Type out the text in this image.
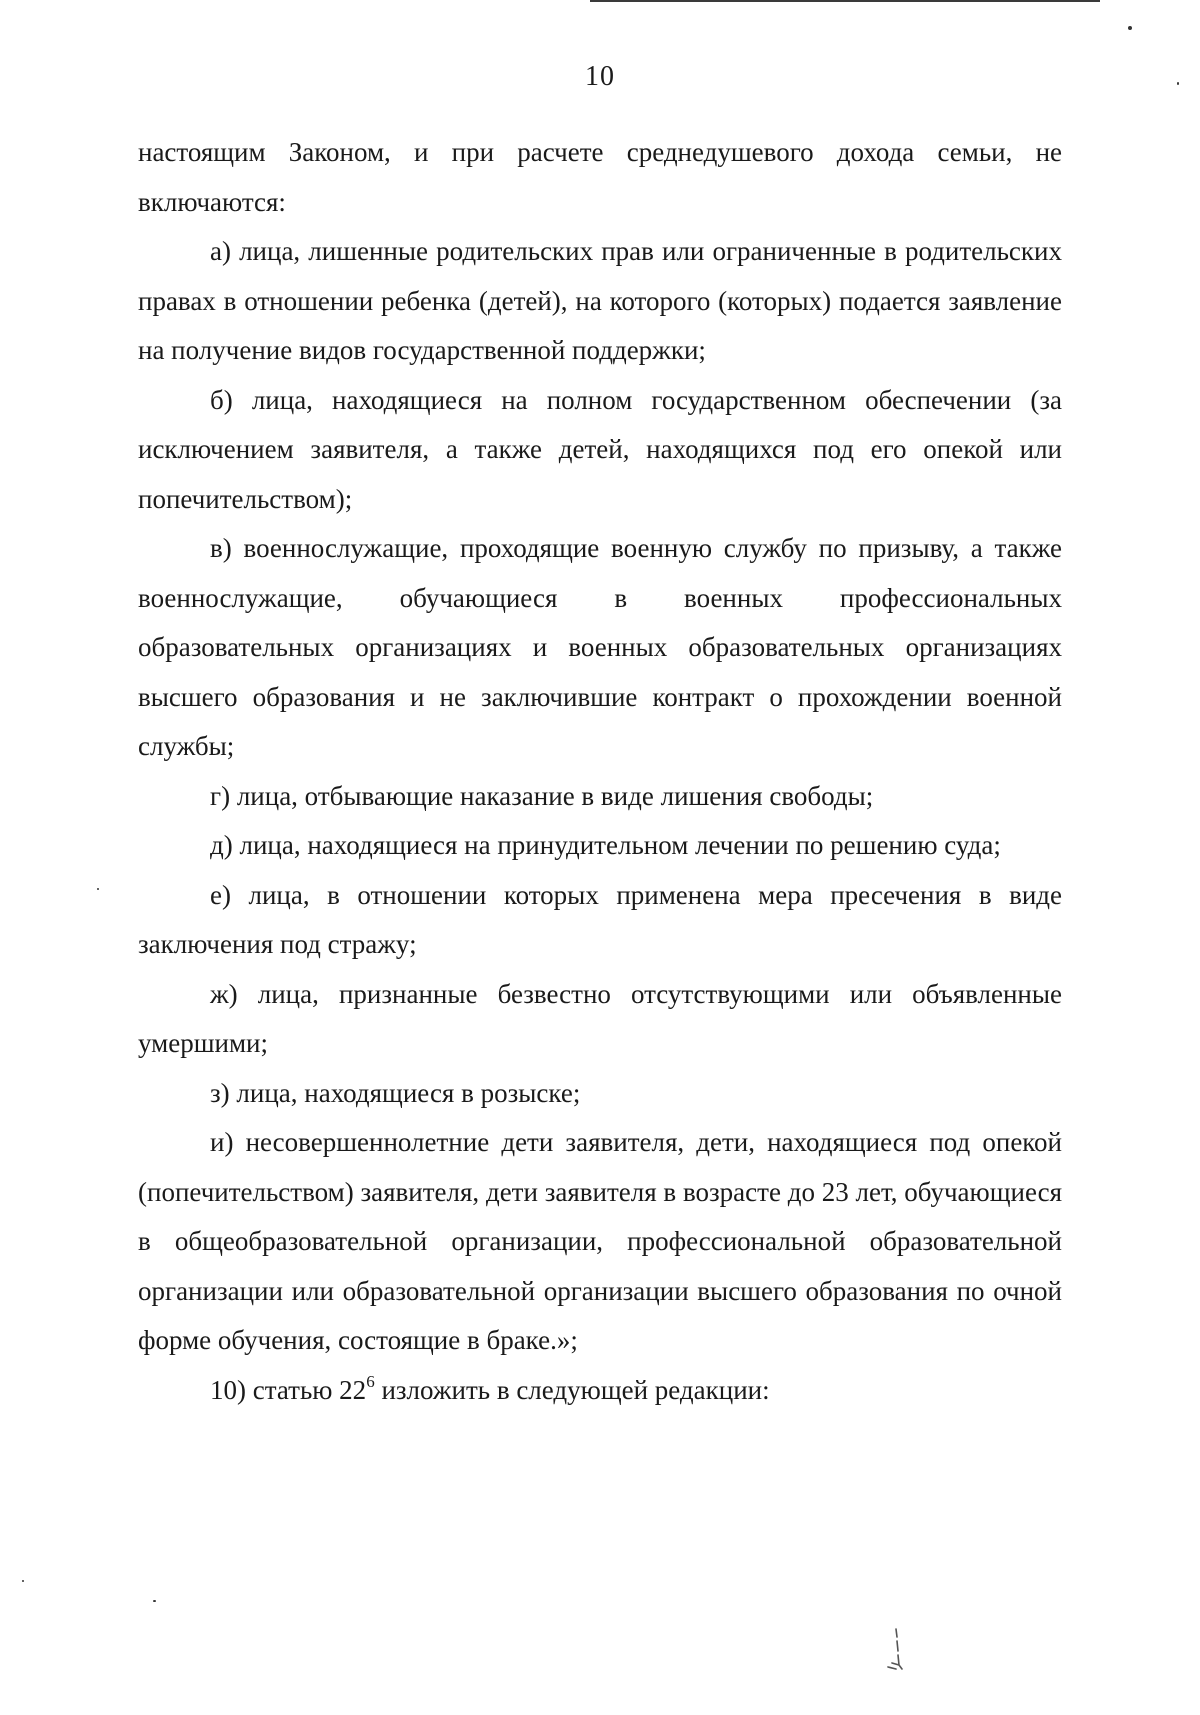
10

настоящим Законом, и при расчете среднедушевого дохода семьи, не включаются:

а) лица, лишенные родительских прав или ограниченные в родительских правах в отношении ребенка (детей), на которого (которых) подается заявление на получение видов государственной поддержки;

б) лица, находящиеся на полном государственном обеспечении (за исключением заявителя, а также детей, находящихся под его опекой или попечительством);

в) военнослужащие, проходящие военную службу по призыву, а также военнослужащие, обучающиеся в военных профессиональных образовательных организациях и военных образовательных организациях высшего образования и не заключившие контракт о прохождении военной службы;

г) лица, отбывающие наказание в виде лишения свободы;

д) лица, находящиеся на принудительном лечении по решению суда;

е) лица, в отношении которых применена мера пресечения в виде заключения под стражу;

ж) лица, признанные безвестно отсутствующими или объявленные умершими;

з) лица, находящиеся в розыске;

и) несовершеннолетние дети заявителя, дети, находящиеся под опекой (попечительством) заявителя, дети заявителя в возрасте до 23 лет, обучающиеся в общеобразовательной организации, профессиональной образовательной организации или образовательной организации высшего образования по очной форме обучения, состоящие в браке.»;

10) статью $22^6$ изложить в следующей редакции:
